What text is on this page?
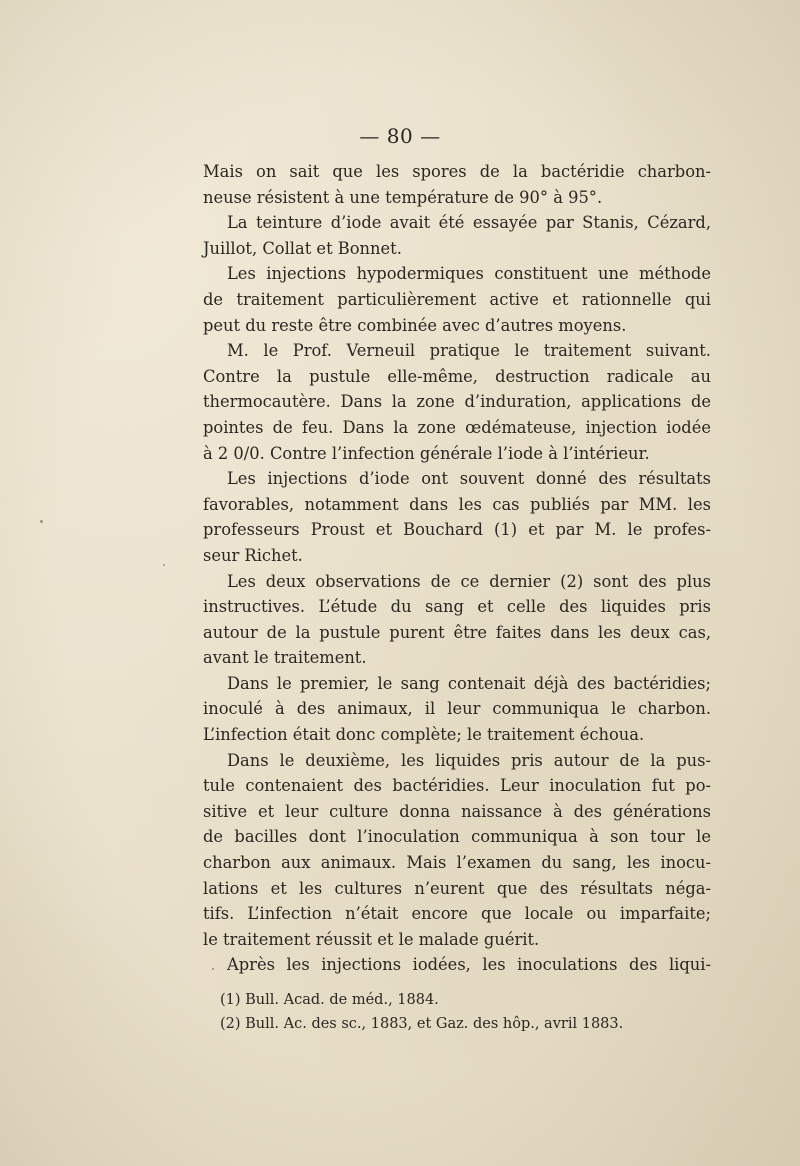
— 80 —
Mais on sait que les spores de la bactéridie charbon-
neuse résistent à une température de 90° à 95°.
La teinture d’iode avait été essayée par Stanis, Cézard,
Juillot, Collat et Bonnet.
Les injections hypodermiques constituent une méthode
de traitement particulièrement active et rationnelle qui
peut du reste être combinée avec d’autres moyens.
M. le Prof. Verneuil pratique le traitement suivant.
Contre la pustule elle-même, destruction radicale au
thermocautère. Dans la zone d’induration, applications de
pointes de feu. Dans la zone œdémateuse, injection iodée
à 2 0/0. Contre l’infection générale l’iode à l’intérieur.
Les injections d’iode ont souvent donné des résultats
favorables, notamment dans les cas publiés par MM. les
professeurs Proust et Bouchard (1) et par M. le profes-
seur Richet.
Les deux observations de ce dernier (2) sont des plus
instructives. L’étude du sang et celle des liquides pris
autour de la pustule purent être faites dans les deux cas,
avant le traitement.
Dans le premier, le sang contenait déjà des bactéridies;
inoculé à des animaux, il leur communiqua le charbon.
L’infection était donc complète; le traitement échoua.
Dans le deuxième, les liquides pris autour de la pus-
tule contenaient des bactéridies. Leur inoculation fut po-
sitive et leur culture donna naissance à des générations
de bacilles dont l’inoculation communiqua à son tour le
charbon aux animaux. Mais l’examen du sang, les inocu-
lations et les cultures n’eurent que des résultats néga-
tifs. L’infection n’était encore que locale ou imparfaite;
le traitement réussit et le malade guérit.
Après les injections iodées, les inoculations des liqui-
(1) Bull. Acad. de méd., 1884.
(2) Bull. Ac. des sc., 1883, et Gaz. des hôp., avril 1883.
